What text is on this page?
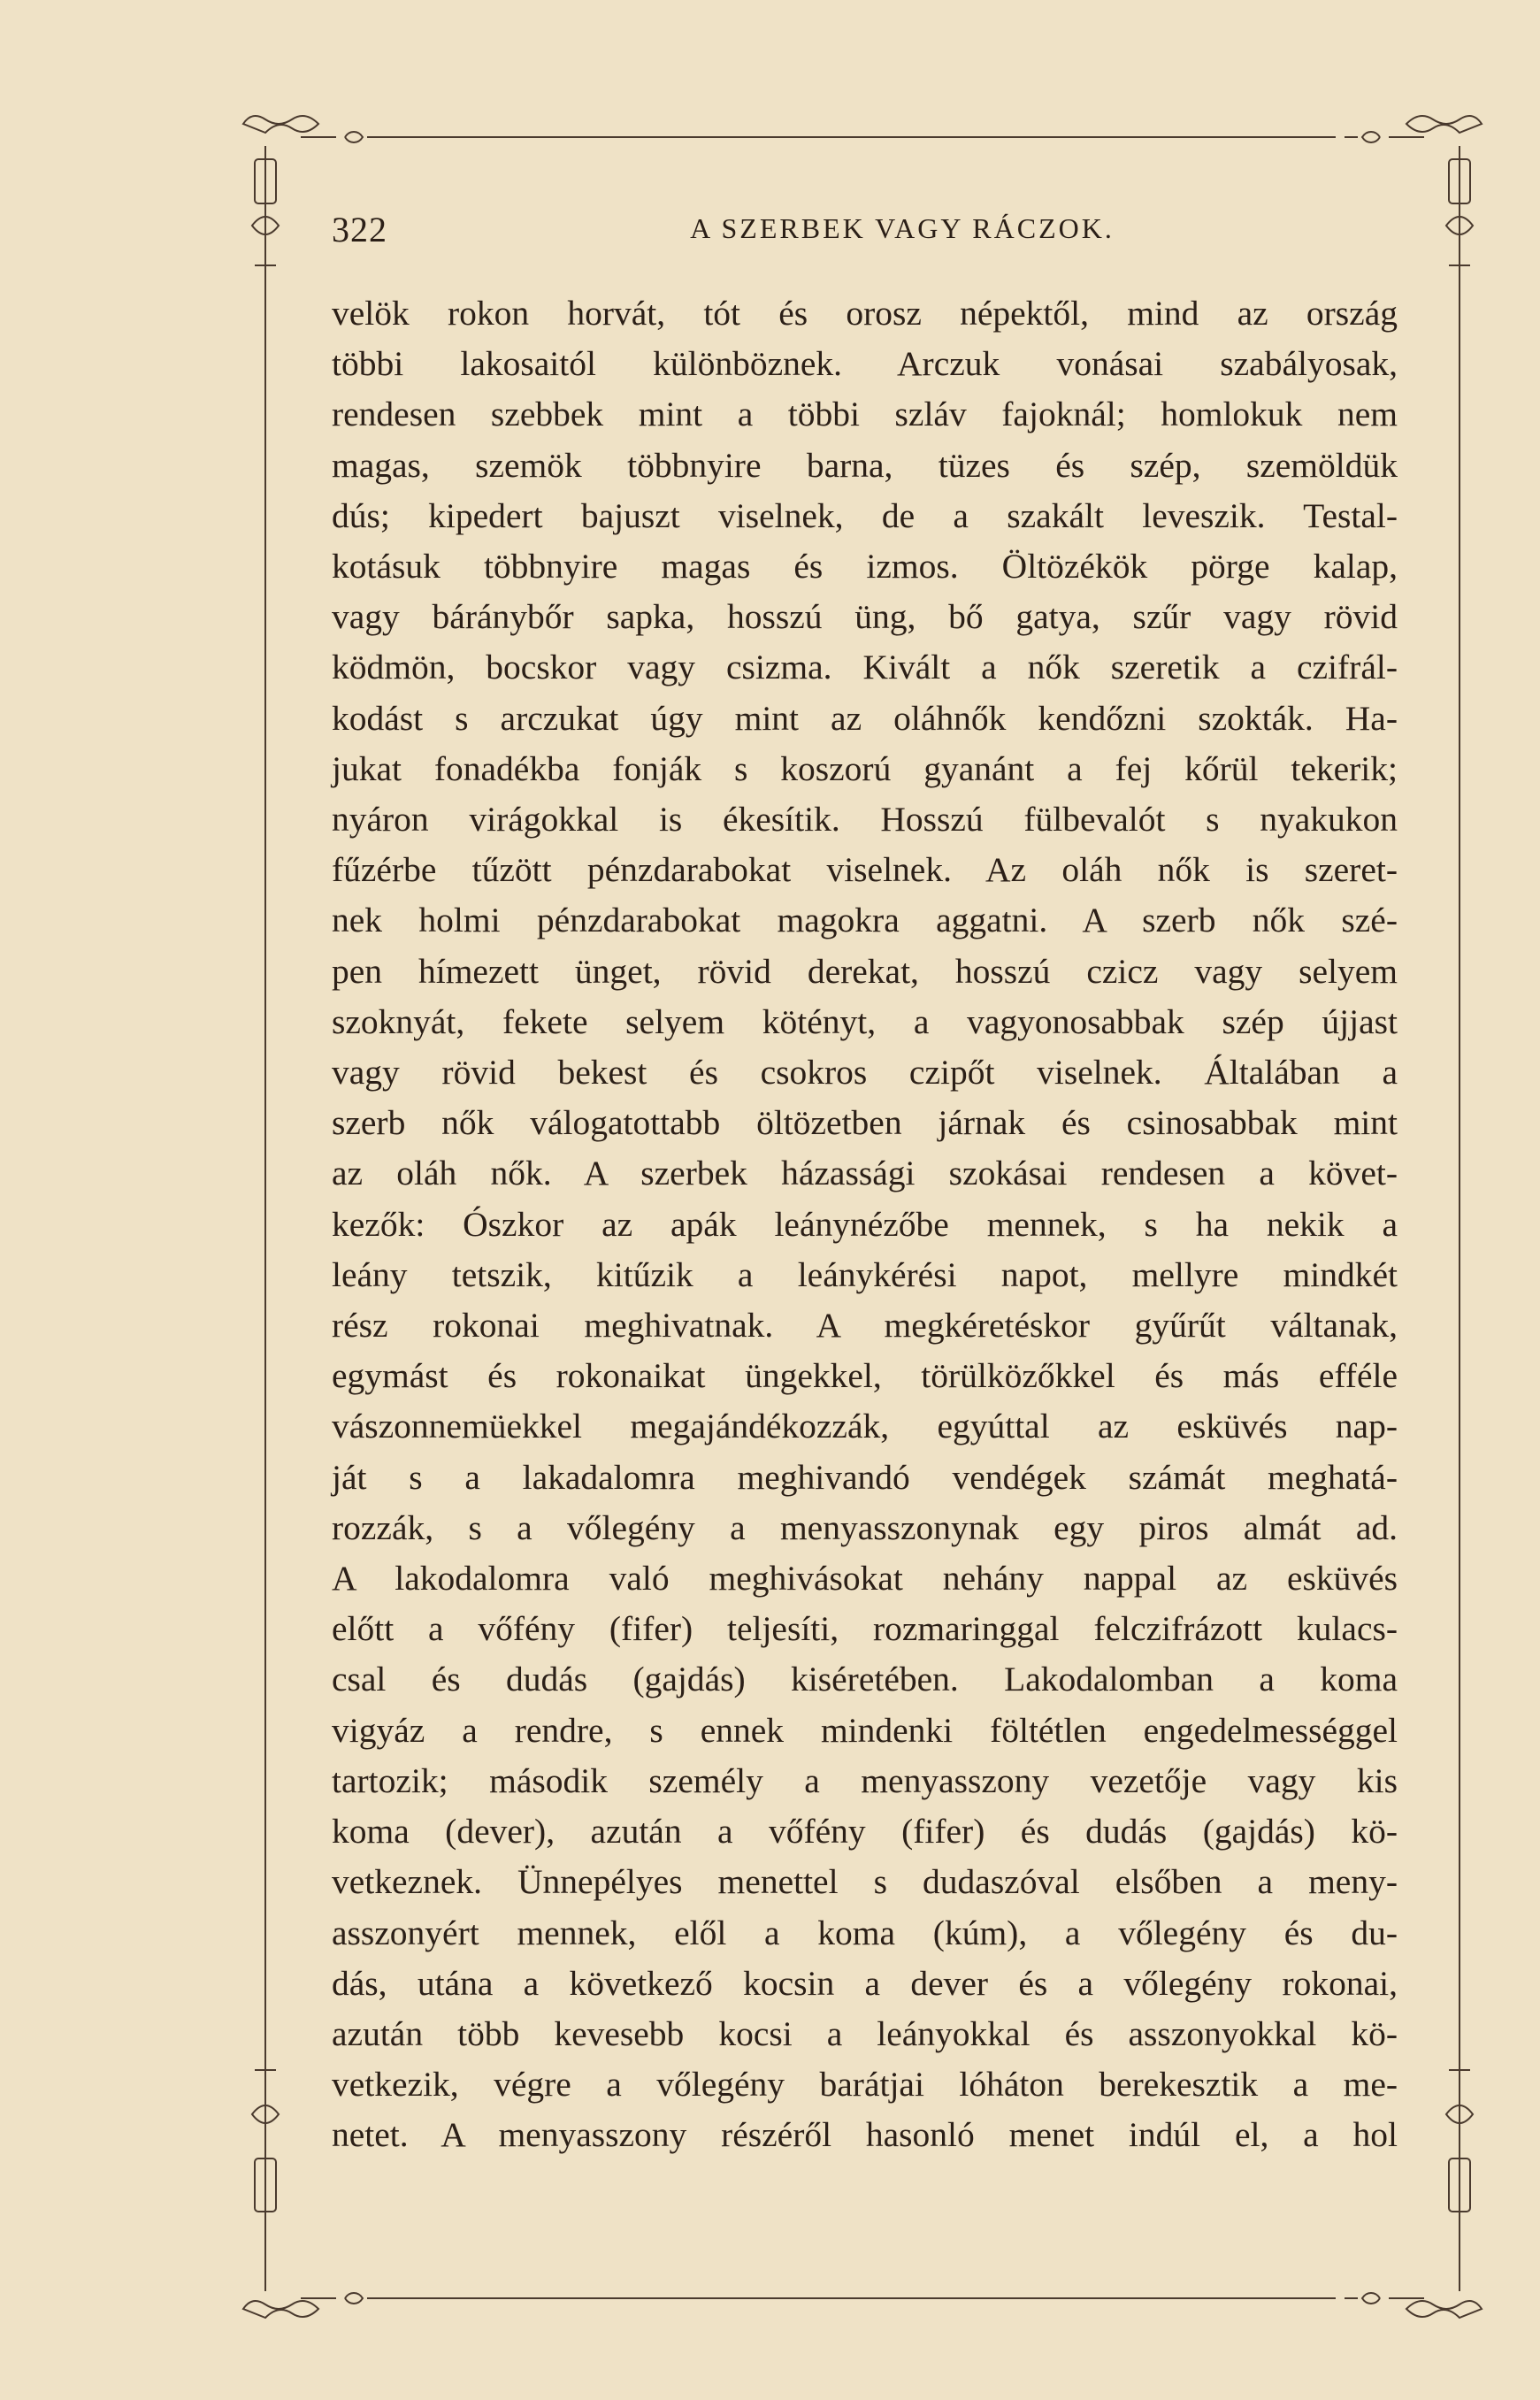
322	A SZERBEK VAGY RÁCZOK.
velök rokon horvát, tót és orosz népektől, mind az ország
többi lakosaitól különböznek. Arczuk vonásai szabályosak,
rendesen szebbek mint a többi szláv fajoknál; homlokuk nem
magas, szemök többnyire barna, tüzes és szép, szemöldük
dús; kipedert bajuszt viselnek, de a szakált leveszik. Testal-
kotásuk többnyire magas és izmos. Öltözékök pörge kalap,
vagy báránybőr sapka, hosszú üng, bő gatya, szűr vagy rövid
ködmön, bocskor vagy csizma. Kivált a nők szeretik a czifrál-
kodást s arczukat úgy mint az oláhnők kendőzni szokták. Ha-
jukat fonadékba fonják s koszorú gyanánt a fej kőrül tekerik;
nyáron virágokkal is ékesítik. Hosszú fülbevalót s nyakukon
fűzérbe tűzött pénzdarabokat viselnek. Az oláh nők is szeret-
nek holmi pénzdarabokat magokra aggatni. A szerb nők szé-
pen hímezett ünget, rövid derekat, hosszú czicz vagy selyem
szoknyát, fekete selyem kötényt, a vagyonosabbak szép újjast
vagy rövid bekest és csokros czipőt viselnek. Általában a
szerb nők válogatottabb öltözetben járnak és csinosabbak mint
az oláh nők. A szerbek házassági szokásai rendesen a követ-
kezők: Ószkor az apák leánynézőbe mennek, s ha nekik a
leány tetszik, kitűzik a leánykérési napot, mellyre mindkét
rész rokonai meghivatnak. A megkéretéskor gyűrűt váltanak,
egymást és rokonaikat üngekkel, törülközőkkel és más efféle
vászonnemüekkel megajándékozzák, egyúttal az esküvés nap-
ját s a lakadalomra meghivandó vendégek számát meghatá-
rozzák, s a vőlegény a menyasszonynak egy piros almát ad.
A lakodalomra való meghivásokat nehány nappal az esküvés
előtt a vőfény (fifer) teljesíti, rozmaringgal felczifrázott kulacs-
csal és dudás (gajdás) kiséretében. Lakodalomban a koma
vigyáz a rendre, s ennek mindenki föltétlen engedelmességgel
tartozik; második személy a menyasszony vezetője vagy kis
koma (dever), azután a vőfény (fifer) és dudás (gajdás) kö-
vetkeznek. Ünnepélyes menettel s dudaszóval elsőben a meny-
asszonyért mennek, elől a koma (kúm), a vőlegény és du-
dás, utána a következő kocsin a dever és a vőlegény rokonai,
azután több kevesebb kocsi a leányokkal és asszonyokkal kö-
vetkezik, végre a vőlegény barátjai lóháton berekesztik a me-
netet. A menyasszony részéről hasonló menet indúl el, a hol
